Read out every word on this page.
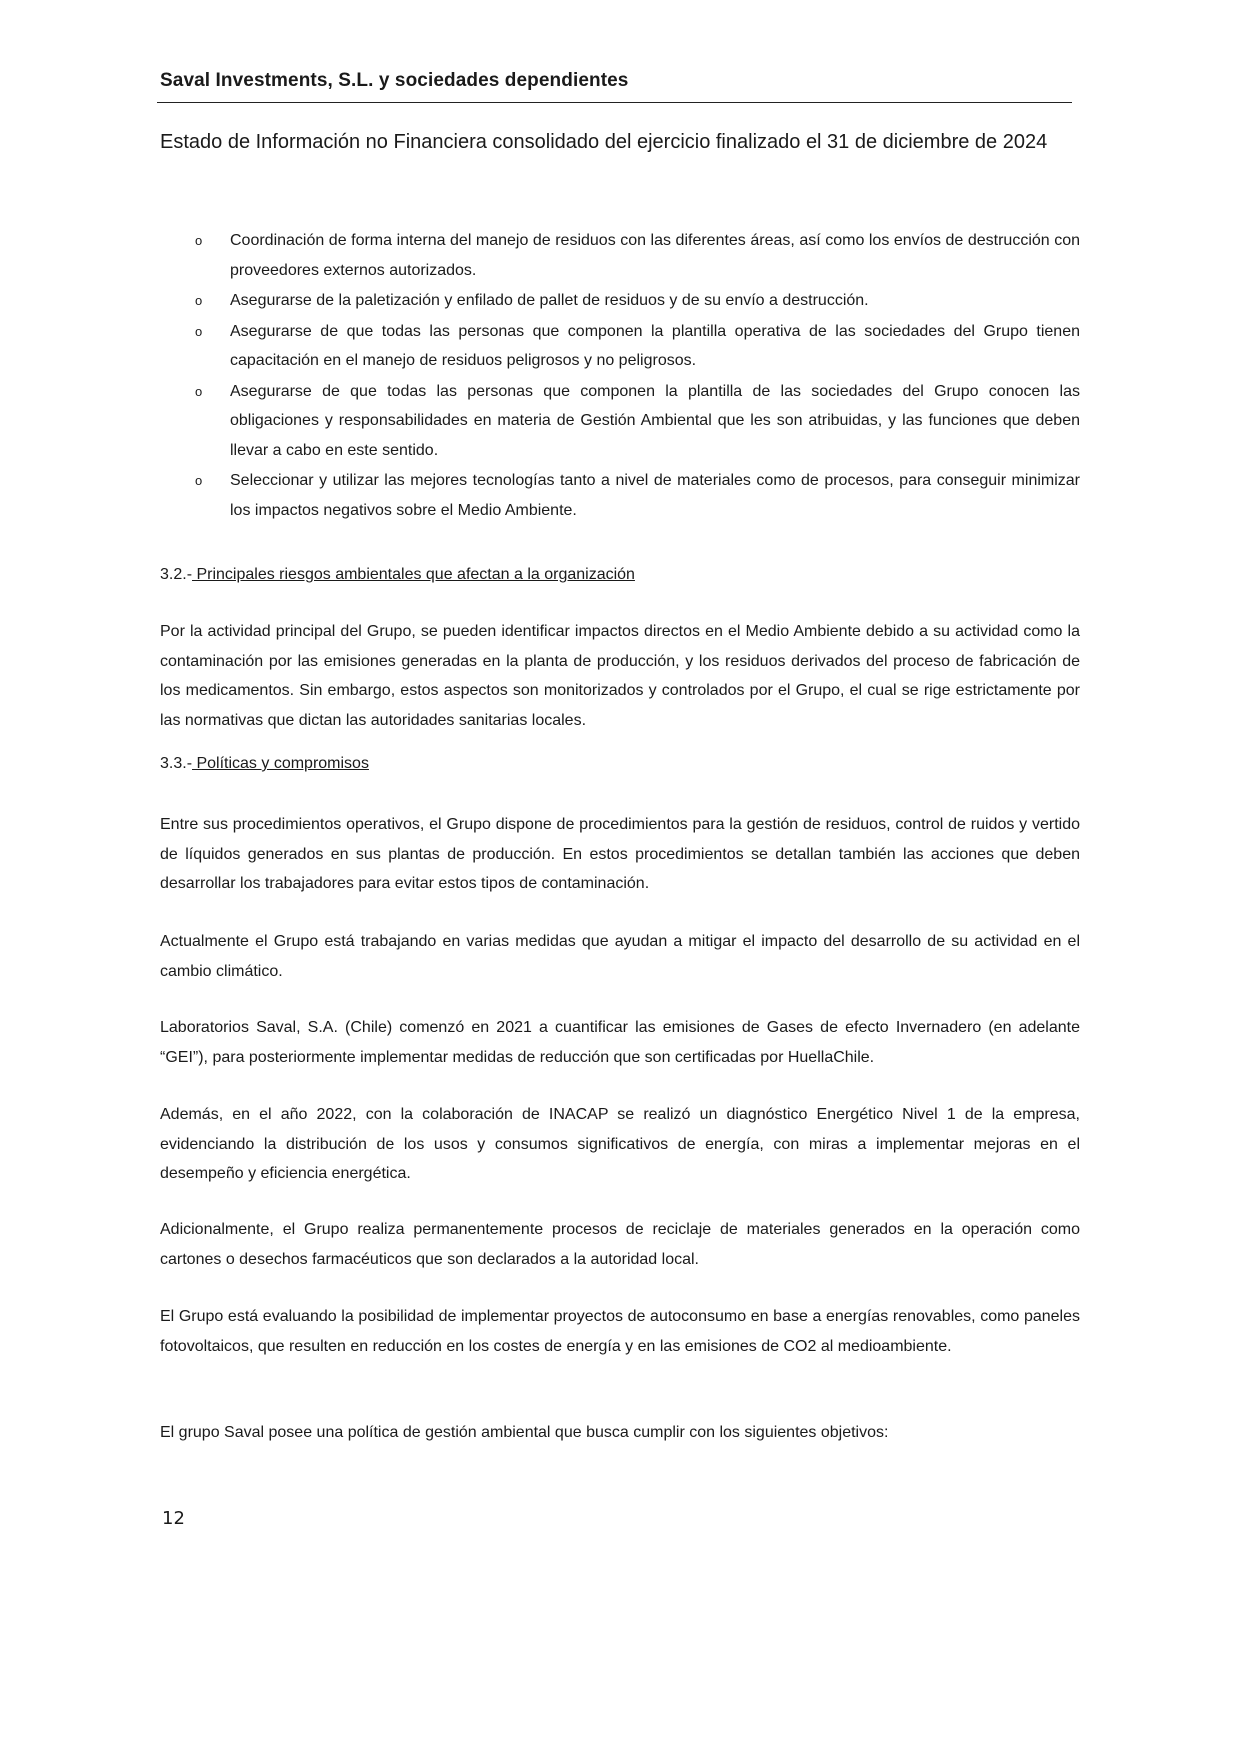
Saval Investments, S.L. y sociedades dependientes
Estado de Información no Financiera consolidado del ejercicio finalizado el 31 de diciembre de 2024
o Coordinación de forma interna del manejo de residuos con las diferentes áreas, así como los envíos de destrucción con proveedores externos autorizados.
o Asegurarse de la paletización y enfilado de pallet de residuos y de su envío a destrucción.
o Asegurarse de que todas las personas que componen la plantilla operativa de las sociedades del Grupo tienen capacitación en el manejo de residuos peligrosos y no peligrosos.
o Asegurarse de que todas las personas que componen la plantilla de las sociedades del Grupo conocen las obligaciones y responsabilidades en materia de Gestión Ambiental que les son atribuidas, y las funciones que deben llevar a cabo en este sentido.
o Seleccionar y utilizar las mejores tecnologías tanto a nivel de materiales como de procesos, para conseguir minimizar los impactos negativos sobre el Medio Ambiente.
3.2.- Principales riesgos ambientales que afectan a la organización

Por la actividad principal del Grupo, se pueden identificar impactos directos en el Medio Ambiente debido a su actividad como la contaminación por las emisiones generadas en la planta de producción, y los residuos derivados del proceso de fabricación de los medicamentos. Sin embargo, estos aspectos son monitorizados y controlados por el Grupo, el cual se rige estrictamente por las normativas que dictan las autoridades sanitarias locales.

3.3.- Políticas y compromisos

Entre sus procedimientos operativos, el Grupo dispone de procedimientos para la gestión de residuos, control de ruidos y vertido de líquidos generados en sus plantas de producción. En estos procedimientos se detallan también las acciones que deben desarrollar los trabajadores para evitar estos tipos de contaminación.

Actualmente el Grupo está trabajando en varias medidas que ayudan a mitigar el impacto del desarrollo de su actividad en el cambio climático.

Laboratorios Saval, S.A. (Chile) comenzó en 2021 a cuantificar las emisiones de Gases de efecto Invernadero (en adelante “GEI”), para posteriormente implementar medidas de reducción que son certificadas por HuellaChile.

Además, en el año 2022, con la colaboración de INACAP se realizó un diagnóstico Energético Nivel 1 de la empresa, evidenciando la distribución de los usos y consumos significativos de energía, con miras a implementar mejoras en el desempeño y eficiencia energética.

Adicionalmente, el Grupo realiza permanentemente procesos de reciclaje de materiales generados en la operación como cartones o desechos farmacéuticos que son declarados a la autoridad local.

El Grupo está evaluando la posibilidad de implementar proyectos de autoconsumo en base a energías renovables, como paneles fotovoltaicos, que resulten en reducción en los costes de energía y en las emisiones de CO2 al medioambiente.

El grupo Saval posee una política de gestión ambiental que busca cumplir con los siguientes objetivos:

12
